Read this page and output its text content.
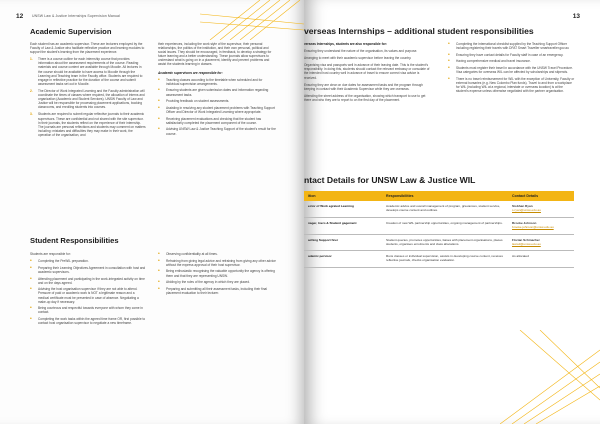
12	UNSW Law & Justice Internships Supervision Manual
Academic Supervision

Each student has an academic supervisor. These are lecturers employed by the Faculty of Law & Justice who facilitate reflective practice and learning modules to support the student's learning from the placement experience.

1. There is a course outline for each internship course that provides information about the assessment requirements of the course. Reading materials and course content are available through Moodle. All lectures in the course should be available to have access to Moodle through the Learning and Teaching team in the Faculty office. Students are required to engage in reflective practice for the duration of the course and submit assessment tasks set out in Moodle.
2. The Director of Work Integrated Learning and the Faculty administration will coordinate the times of classes where required, the allocation of interns and organization (Academic and Student Services). UNSW Faculty of Law and Justice will be responsible for processing placement applications, booking classrooms, and enrolling students into courses.
3. Students are required to submit regular reflective journals to their academic supervisors. These are confidential and not shared with the site supervisor. In their journals, the students reflect on the experience of their internship. The journals are personal reflections and students may comment on matters including: mistakes and difficulties they may make in their work, the operation of the organisation, and

their experiences, including the work style of the supervisor, their personal relationships, the politics of the institution, and their own personal, political and social issues. They should be encouraged, in feedback, to develop a strategy for future learning and a better understanding. These journals allow supervisors to understand what is going on in a placement, identify and prevent problems and assist the students learning in classes.

Academic supervisors are responsible for:
• Teaching classes according to the timetable when scheduled and for individual supervision arrangements.
• Ensuring students are given submission dates and information regarding assessment tasks.
• Providing feedback on student assessments.
• Assisting in resolving any student placement problems with Teaching Support Officer and Director of Work Integrated Learning where appropriate.
• Receiving placement evaluations and checking that the student has satisfactorily completed the placement component of the course.
• Advising UNSW Law & Justice Teaching Support of the student's result for the course.
Student Responsibilities

Students are responsible for:

• Completing the PreWIL preparation.
• Preparing their Learning Objectives Agreement in consultation with host and academic supervisors.
• Attending placement and participating in the work-integrated activity on time and on the days agreed.
• Advising the host organisation supervisor if they are not able to attend. Pressure of paid or academic work is NOT a legitimate reason and a medical certificate must be presented in case of absence. Negotiating a make-up day if necessary.
• Being courteous and respectful towards everyone with whom they come in contact.
• Completing the work tasks within the agreed time frame OR, first possible to contact host organisation supervisor to negotiate a new timeframe.
• Observing confidentiality at all times.
• Refraining from giving legal advice and refraining from giving any other advice without the express approval of their host supervisor.
• Being enthusiastic recognising the valuable opportunity the agency is offering them and that they are representing UNSW.
• Abiding by the rules of the agency in which they are placed.
• Preparing and submitting all their assessment tasks, including their final placement evaluation to their lecturer.
13
verseas Internships – additional student responsibilities
verseas Internships, students are also responsible for:

Ensuring they understand the nature of the organisation, its values and purpose.

Arranging to meet with their academic supervisor before leaving the country.

Organising visa and passports well in advance of their leaving date. This is the student's responsibility. In doing this, students should contact the relevant embassy or consulate of the intended host country well in advance of travel to ensure correct visa advice is received.

Ensuring they are clear on due dates for assessment tasks and the program through keeping in contact with their Academic Supervisor while they are overseas.

Attending the street address of the organisation, showing which transport to use to get there and who they are to report to on the first day of the placement.

• Completing the international checklist supplied by the Teaching Support Officer including registering their travels with DFAT Smart Traveller smartraveller.gov.au
• Ensuring they have contact details for Faculty staff in case of an emergency.
• Having comprehensive medical and travel insurance.
• Students must register their travel in accordance with the UNSW Travel Procedure. Visa categories for overseas WIL can be affected by scholarships and stipends.
• There is no travel reimbursement for WIL with the exception of University, Faculty or external bursaries (e.g. New Colombo Plan funds). Travel to and from a workplace for WIL (including WIL at a regional, interstate or overseas location) is at the student's expense unless otherwise negotiated with the partner organisation.
ntact Details for UNSW Law & Justice WIL
ition	Responsibilities	Contact Details
ector of Work egrated Learning	Academic advice and overall management of program, grievances, student service, develops course content and outlines.	Siobhan Ryan
s.ryan@unsw.edu.au
nager, tners & Student gagement	Creation of new WIL partnership opportunities, ongoing management of partnerships.	Brooke Johnson
brooke.johnson@unsw.edu.au
aching Support ficer	Student queries, promotes opportunities, liaises with placement organisations, places students, organises enrolments and class allocations.	Florian Schmacher
lawwil@unsw.edu.au
ademic pervisor	Runs classes or individual supervision, assists in developing course content, receives reflective journals, checks organisation evaluation.	As allocated
